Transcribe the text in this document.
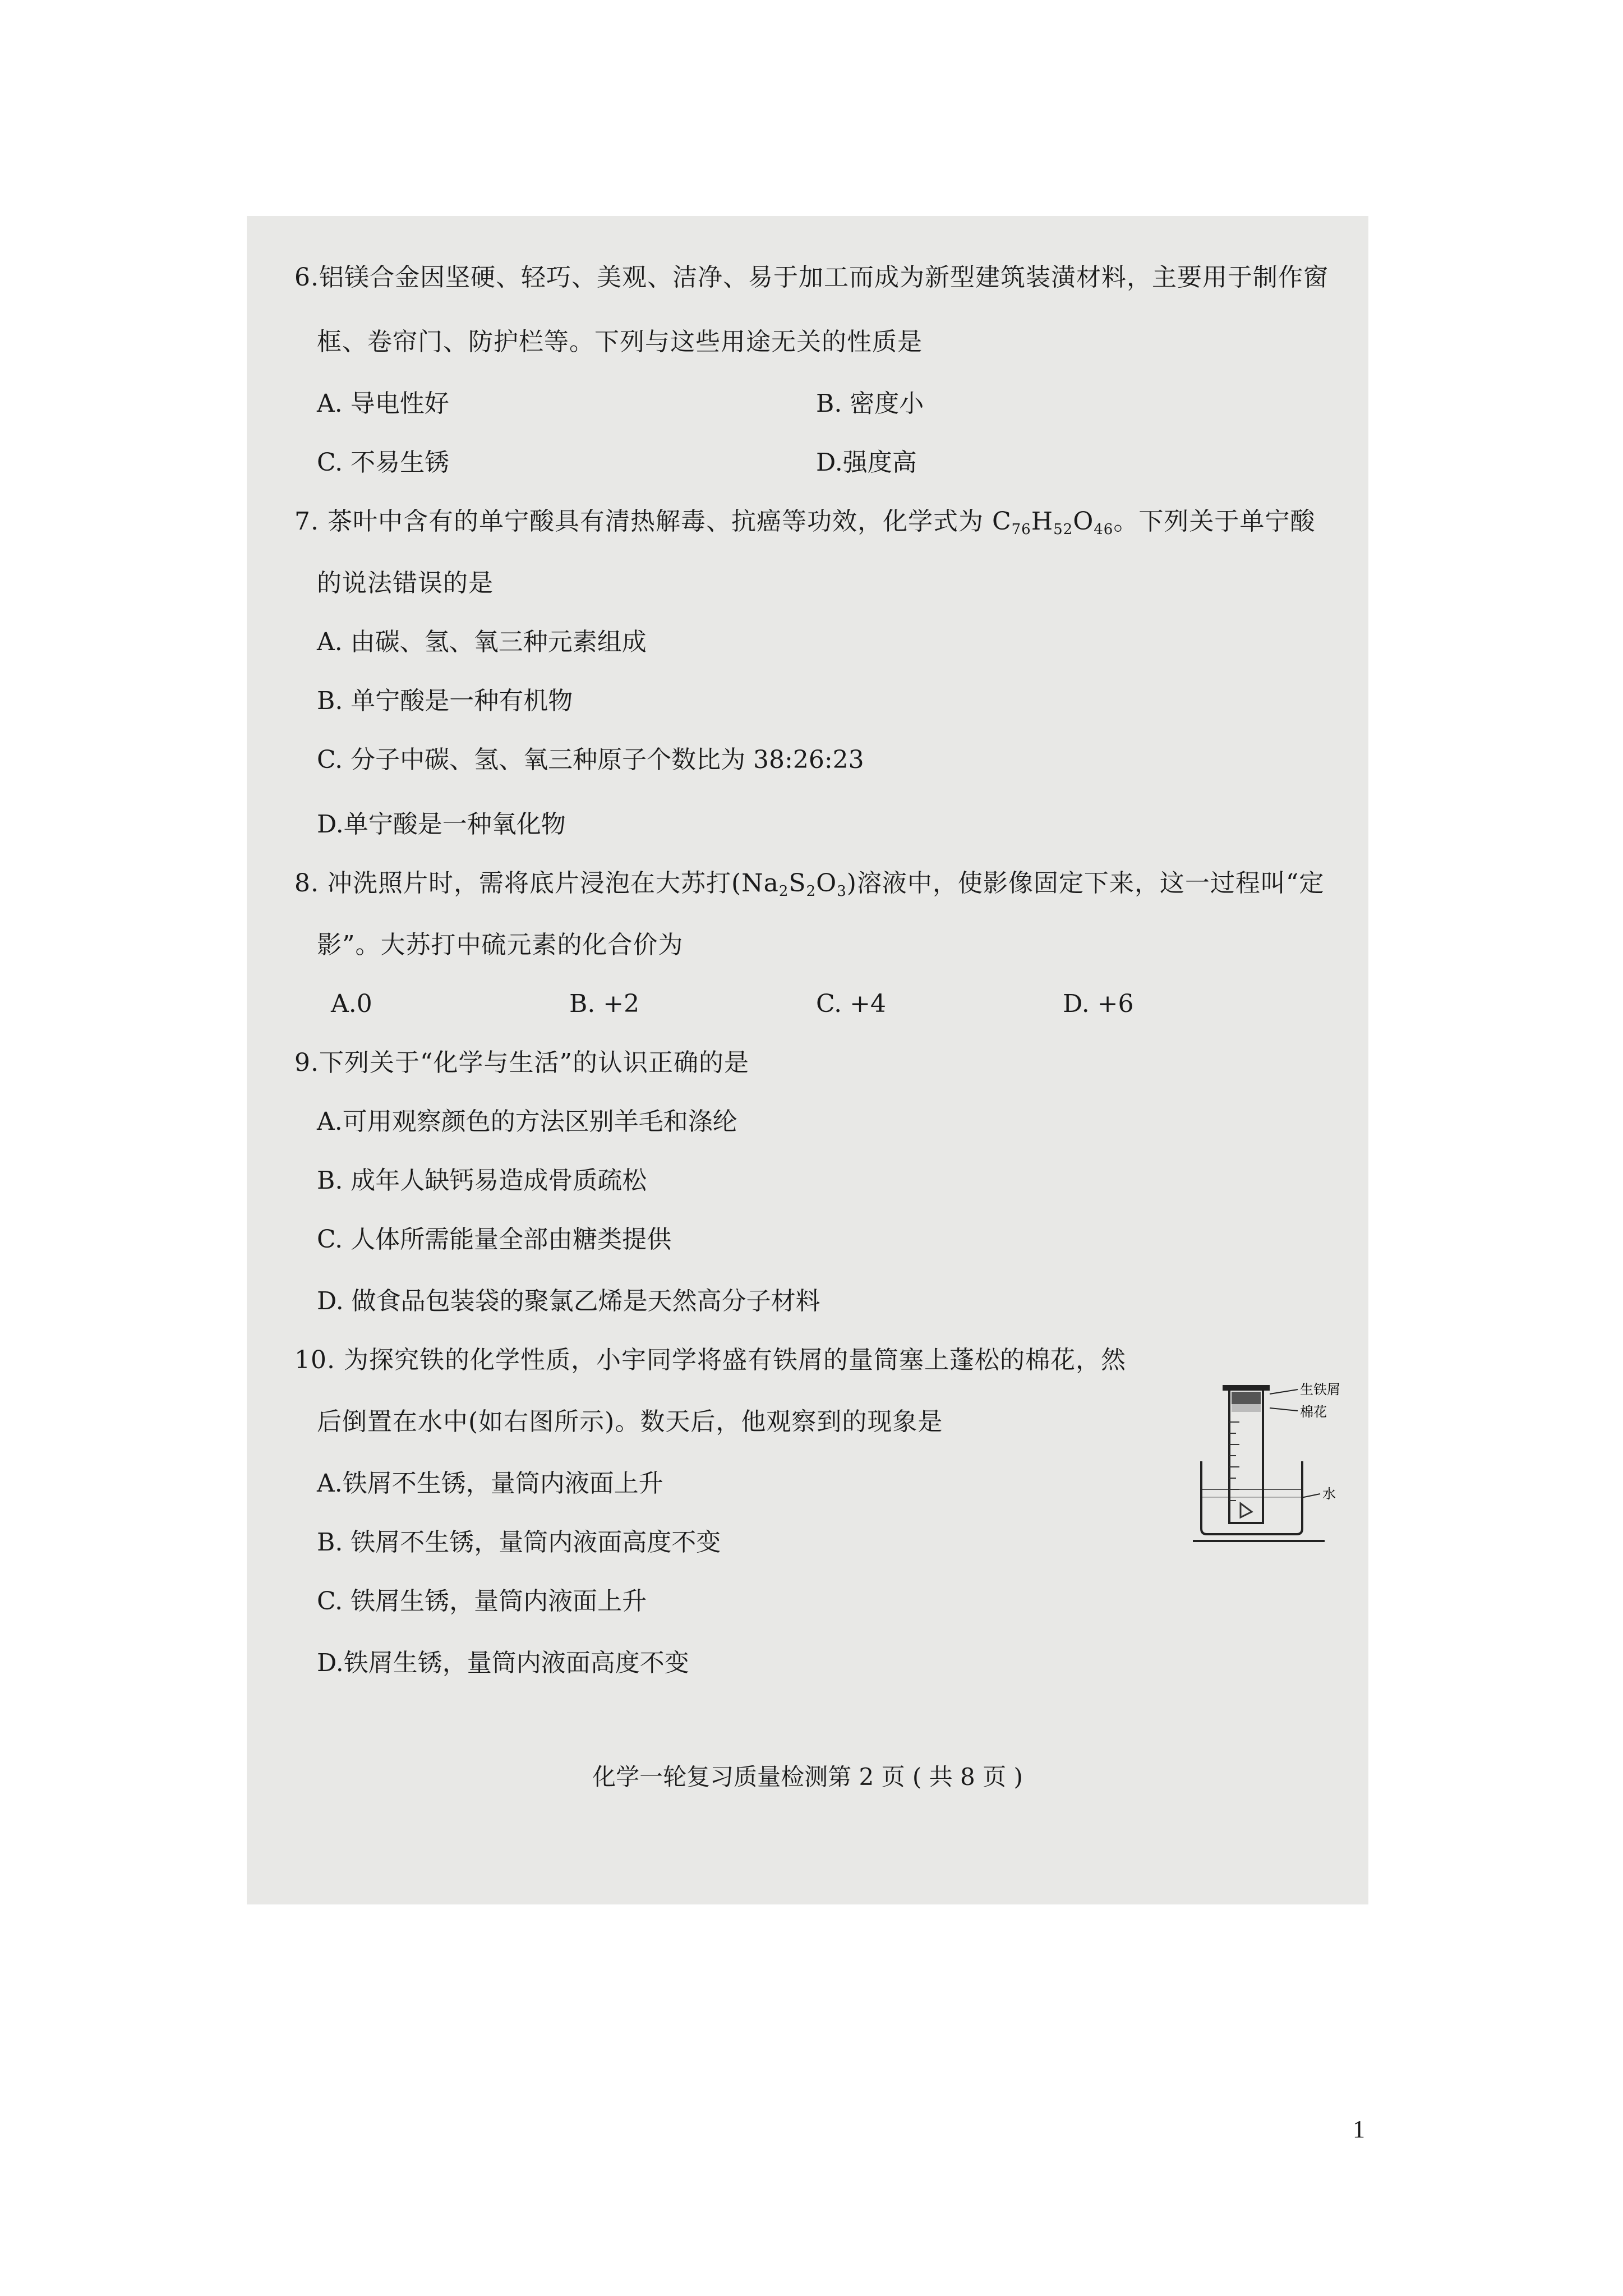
6.铝镁合金因坚硬、轻巧、美观、洁净、易于加工而成为新型建筑装潢材料，主要用于制作窗
框、卷帘门、防护栏等。下列与这些用途无关的性质是
A. 导电性好	B. 密度小
C. 不易生锈	D.强度高
7. 茶叶中含有的单宁酸具有清热解毒、抗癌等功效，化学式为 $C_{76}H_{52}O_{46}$。下列关于单宁酸
的说法错误的是
A. 由碳、氢、氧三种元素组成
B. 单宁酸是一种有机物
C. 分子中碳、氢、氧三种原子个数比为 38:26:23
D.单宁酸是一种氧化物
8. 冲洗照片时，需将底片浸泡在大苏打$(Na_2S_2O_3)$溶液中，使影像固定下来，这一过程叫“定
影”。大苏打中硫元素的化合价为
A.0	B. +2	C. +4	D. +6
9.下列关于“化学与生活”的认识正确的是
A.可用观察颜色的方法区别羊毛和涤纶
B. 成年人缺钙易造成骨质疏松
C. 人体所需能量全部由糖类提供
D. 做食品包装袋的聚氯乙烯是天然高分子材料
10. 为探究铁的化学性质，小宇同学将盛有铁屑的量筒塞上蓬松的棉花，然
后倒置在水中(如右图所示)。数天后，他观察到的现象是
A.铁屑不生锈，量筒内液面上升
B. 铁屑不生锈，量筒内液面高度不变
C. 铁屑生锈，量筒内液面上升
D.铁屑生锈，量筒内液面高度不变
生铁屑
棉花
水
化学一轮复习质量检测第 2 页 ( 共 8 页 )
1
